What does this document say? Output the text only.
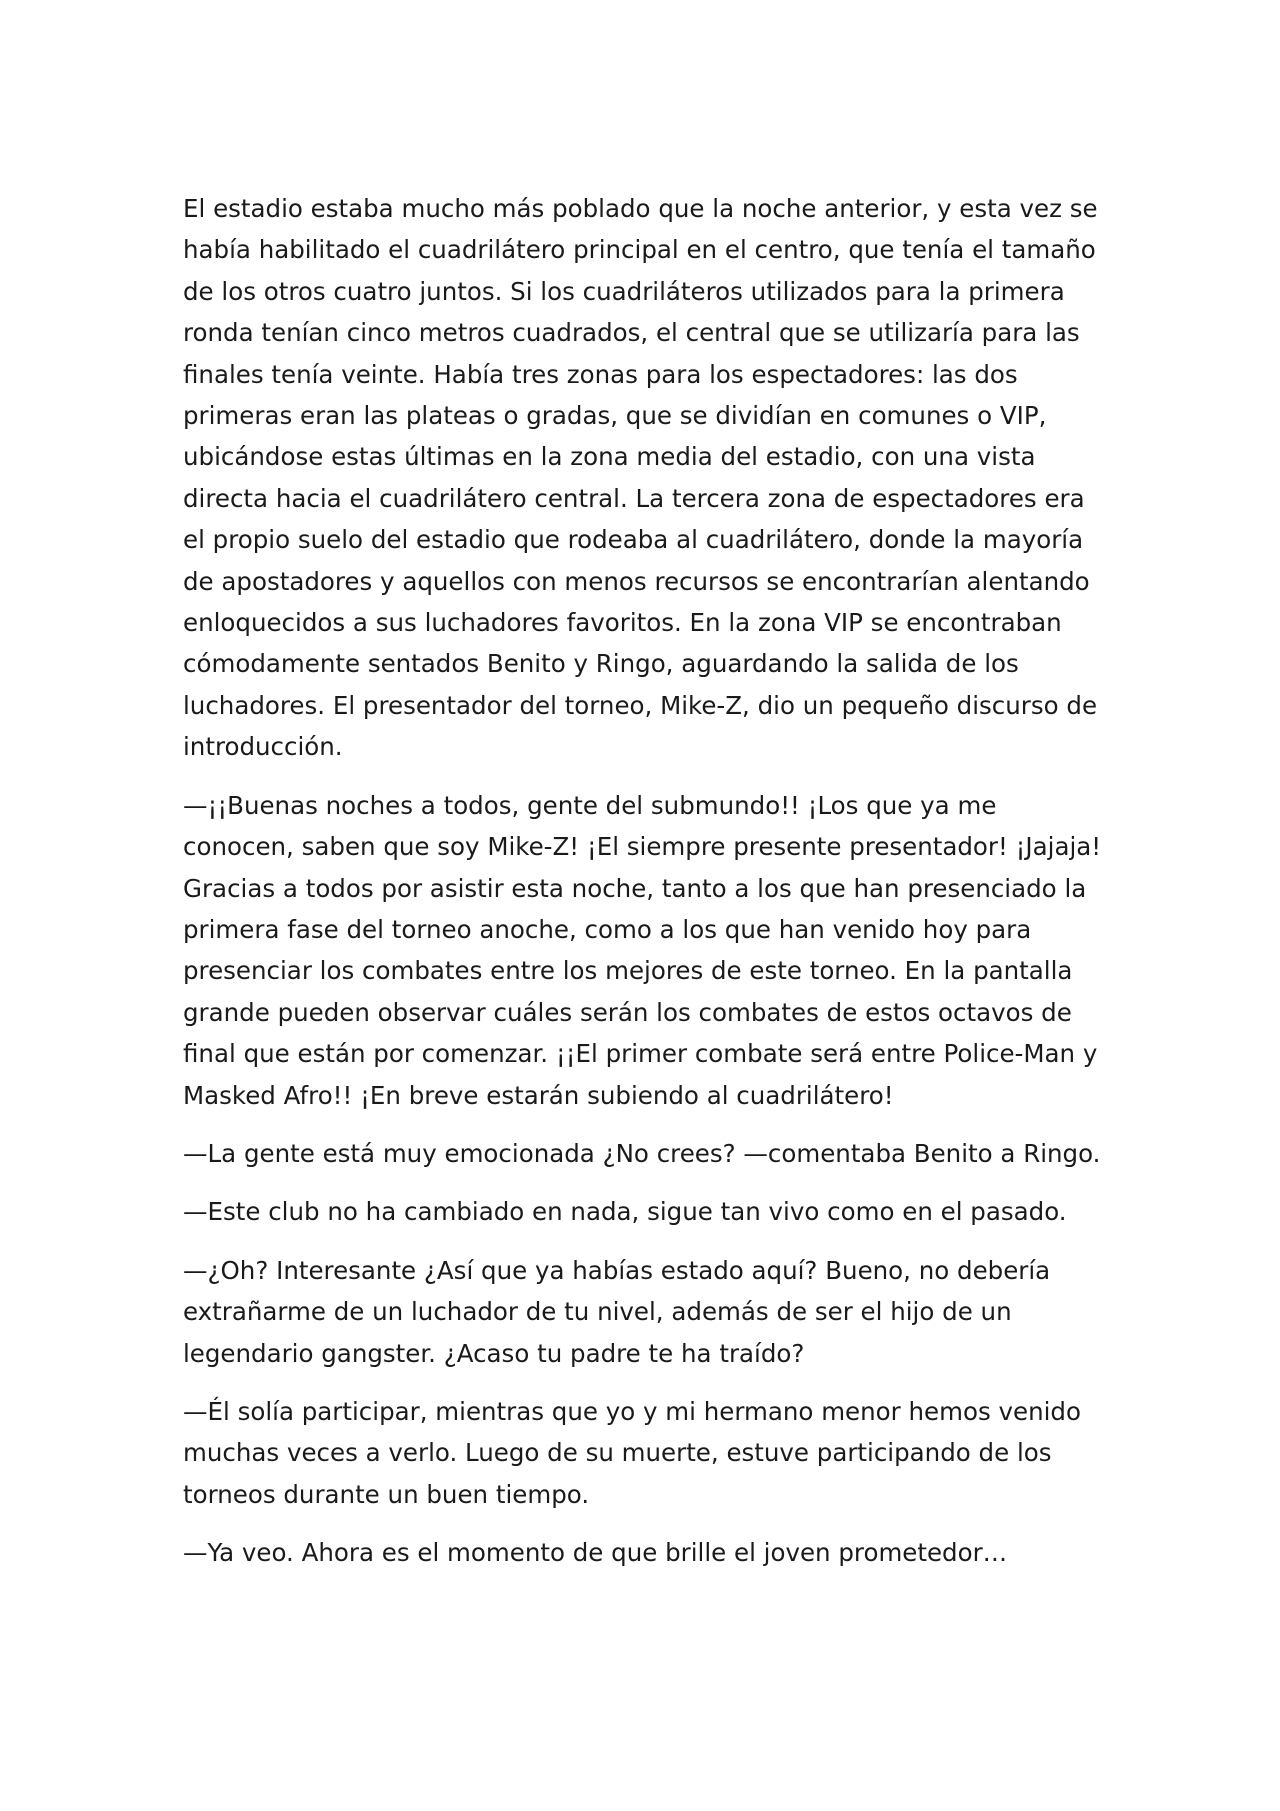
El estadio estaba mucho más poblado que la noche anterior, y esta vez se había habilitado el cuadrilátero principal en el centro, que tenía el tamaño de los otros cuatro juntos. Si los cuadriláteros utilizados para la primera ronda tenían cinco metros cuadrados, el central que se utilizaría para las finales tenía veinte. Había tres zonas para los espectadores: las dos primeras eran las plateas o gradas, que se dividían en comunes o VIP, ubicándose estas últimas en la zona media del estadio, con una vista directa hacia el cuadrilátero central. La tercera zona de espectadores era el propio suelo del estadio que rodeaba al cuadrilátero, donde la mayoría de apostadores y aquellos con menos recursos se encontrarían alentando enloquecidos a sus luchadores favoritos. En la zona VIP se encontraban cómodamente sentados Benito y Ringo, aguardando la salida de los luchadores. El presentador del torneo, Mike-Z, dio un pequeño discurso de introducción.

—¡¡Buenas noches a todos, gente del submundo!! ¡Los que ya me conocen, saben que soy Mike-Z! ¡El siempre presente presentador! ¡Jajaja! Gracias a todos por asistir esta noche, tanto a los que han presenciado la primera fase del torneo anoche, como a los que han venido hoy para presenciar los combates entre los mejores de este torneo. En la pantalla grande pueden observar cuáles serán los combates de estos octavos de final que están por comenzar. ¡¡El primer combate será entre Police-Man y Masked Afro!! ¡En breve estarán subiendo al cuadrilátero!

—La gente está muy emocionada ¿No crees? —comentaba Benito a Ringo.

—Este club no ha cambiado en nada, sigue tan vivo como en el pasado.

—¿Oh? Interesante ¿Así que ya habías estado aquí? Bueno, no debería extrañarme de un luchador de tu nivel, además de ser el hijo de un legendario gangster. ¿Acaso tu padre te ha traído?

—Él solía participar, mientras que yo y mi hermano menor hemos venido muchas veces a verlo. Luego de su muerte, estuve participando de los torneos durante un buen tiempo.

—Ya veo. Ahora es el momento de que brille el joven prometedor…
